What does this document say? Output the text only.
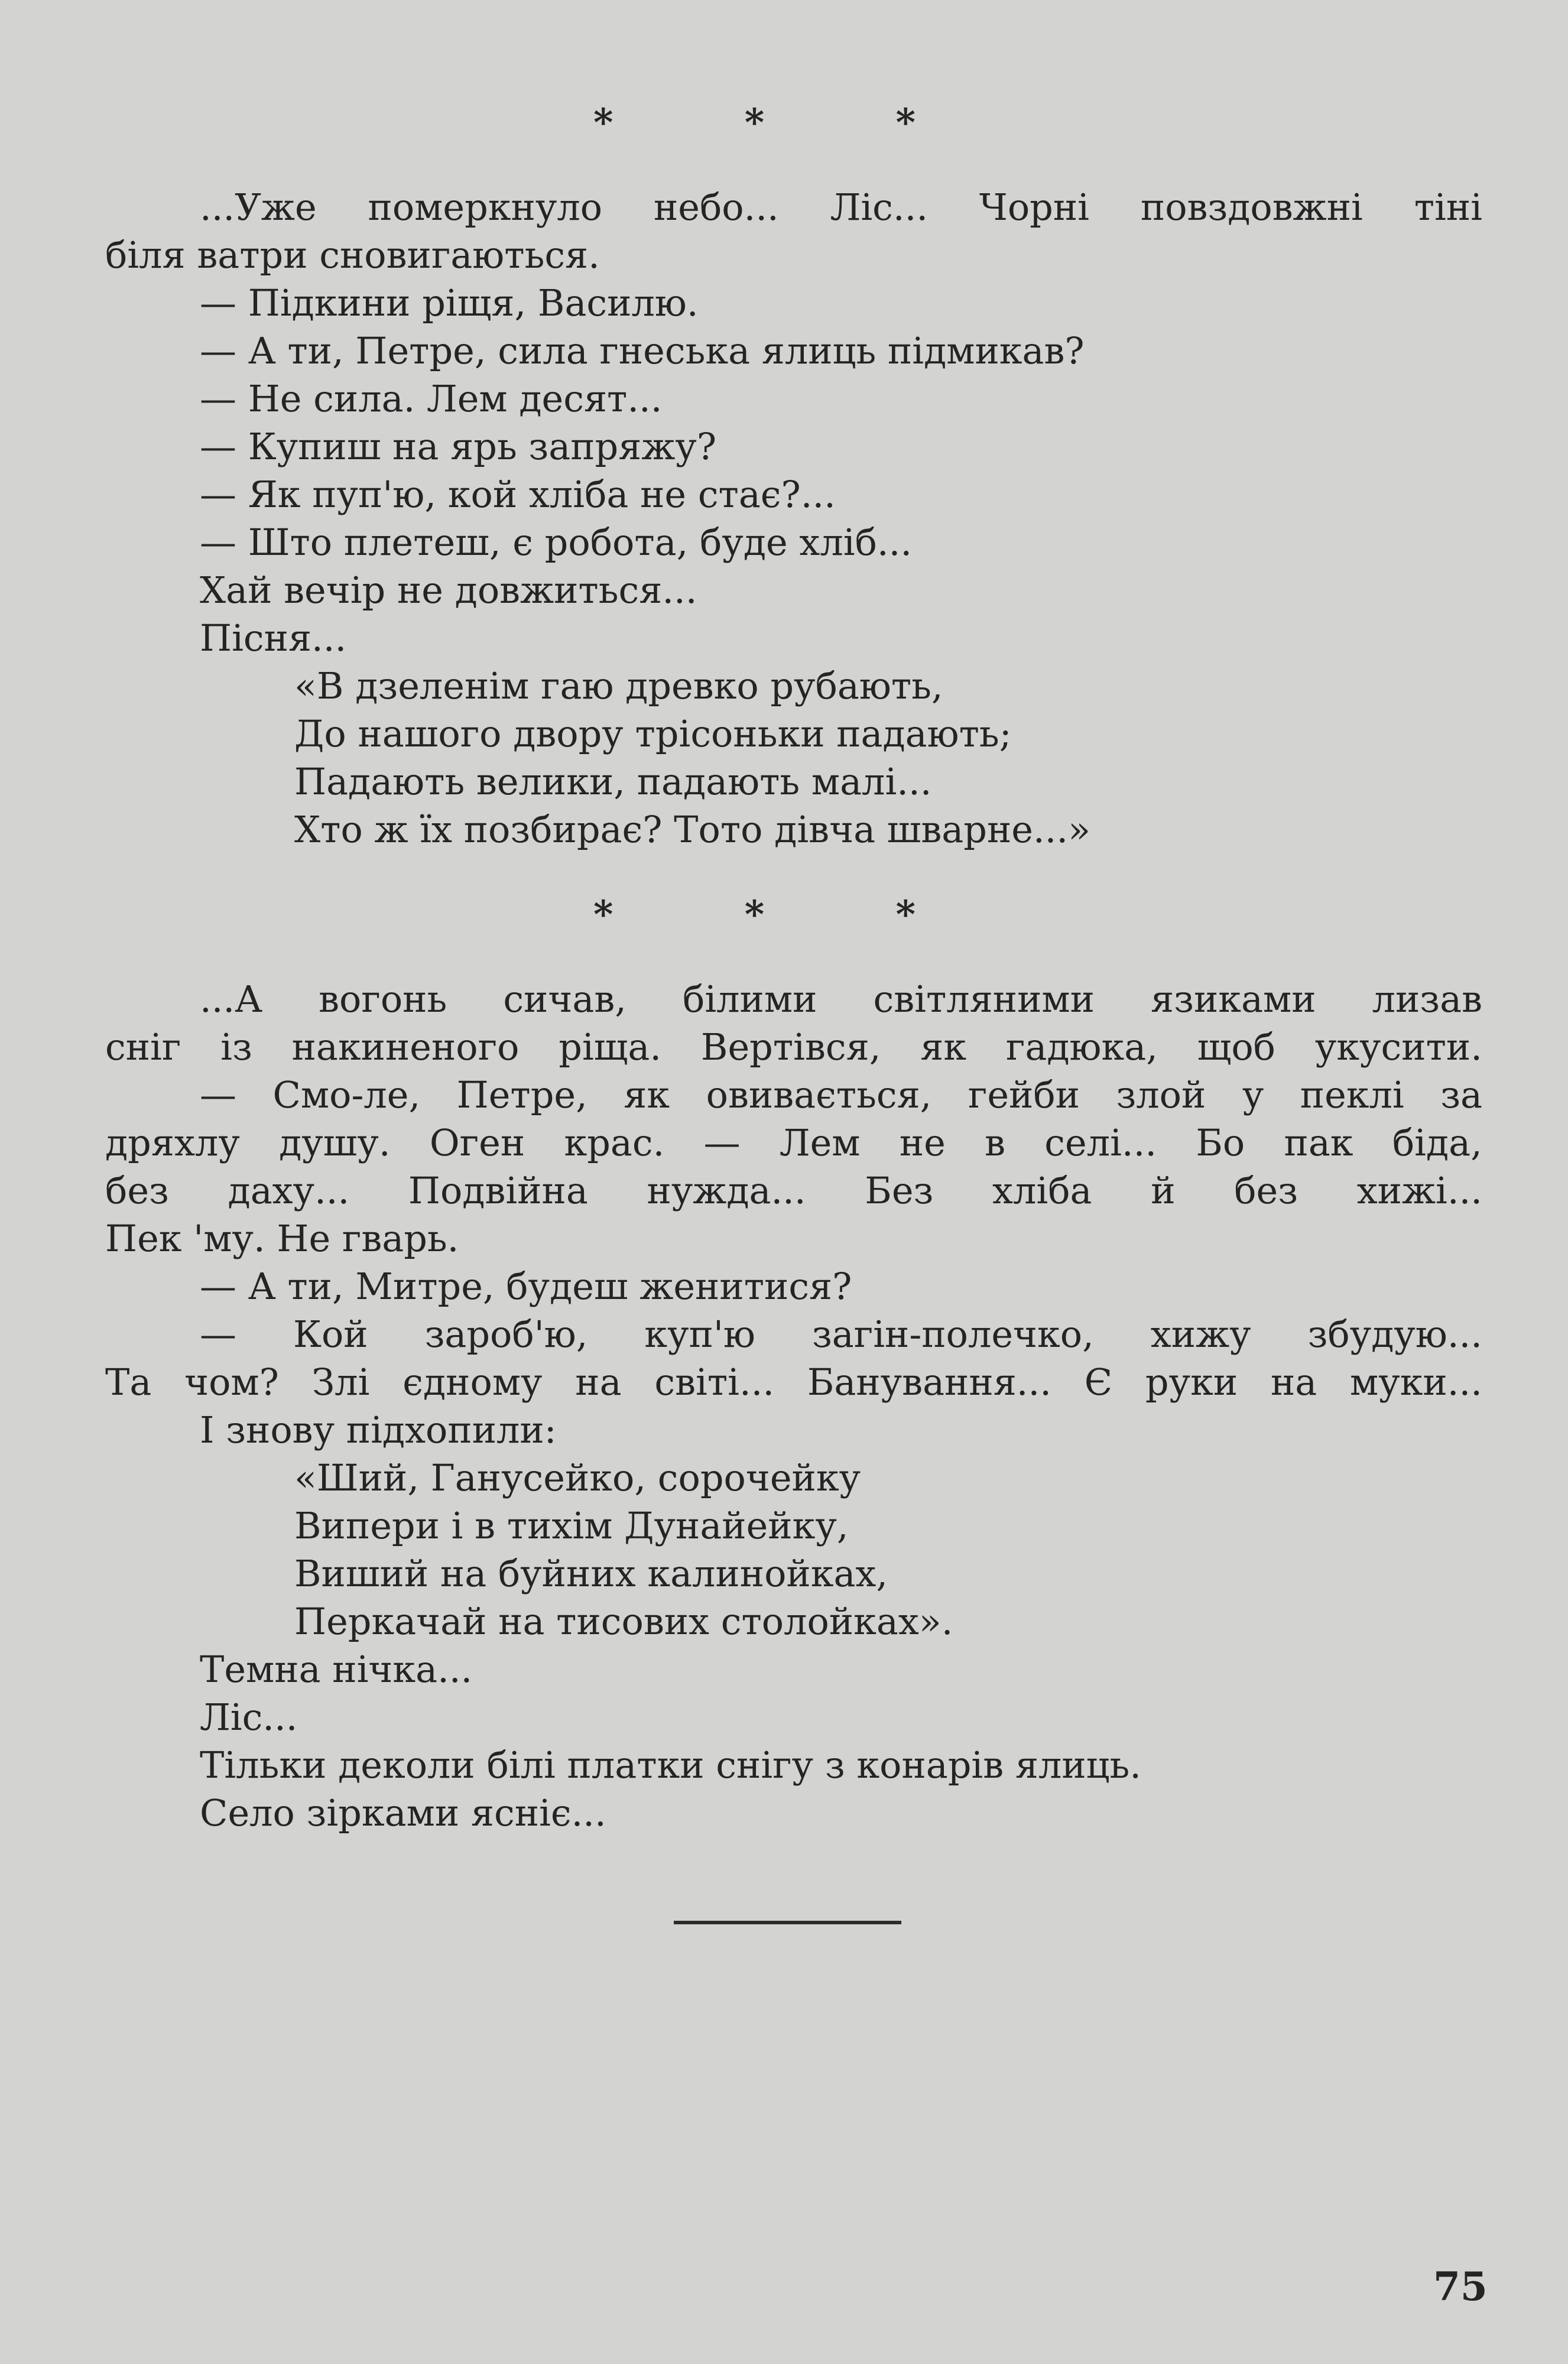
* * *
...Уже померкнуло небо... Ліс... Чорні повздовжні тіні
біля ватри сновигаються.
— Підкини ріщя, Василю.
— А ти, Петре, сила гнеська ялиць підмикав?
— Не сила. Лем десят...
— Купиш на ярь запряжу?
— Як пуп'ю, кой хліба не стає?...
— Што плетеш, є робота, буде хліб...
Хай вечір не довжиться...
Пісня...
«В дзеленім гаю древко рубають,
До нашого двору трісоньки падають;
Падають велики, падають малі...
Хто ж їх позбирає? Тото дівча шварне...»
* * *
...А вогонь сичав, білими світляними язиками лизав
сніг із накиненого ріща. Вертівся, як гадюка, щоб укусити.
— Смо-ле, Петре, як овивається, гейби злой у пеклі за
дряхлу душу. Оген крас. — Лем не в селі... Бо пак біда,
без даху... Подвійна нужда... Без хліба й без хижі...
Пек 'му. Не гварь.
— А ти, Митре, будеш женитися?
— Кой зароб'ю, куп'ю загін-полечко, хижу збудую...
Та чом? Злі єдному на світі... Банування... Є руки на муки...
І знову підхопили:
«Ший, Ганусейко, сорочейку
Випери і в тихім Дунайейку,
Виший на буйних калинойках,
Перкачай на тисових столойках».
Темна нічка...
Ліс...
Тільки деколи білі платки снігу з конарів ялиць.
Село зірками ясніє...
75
